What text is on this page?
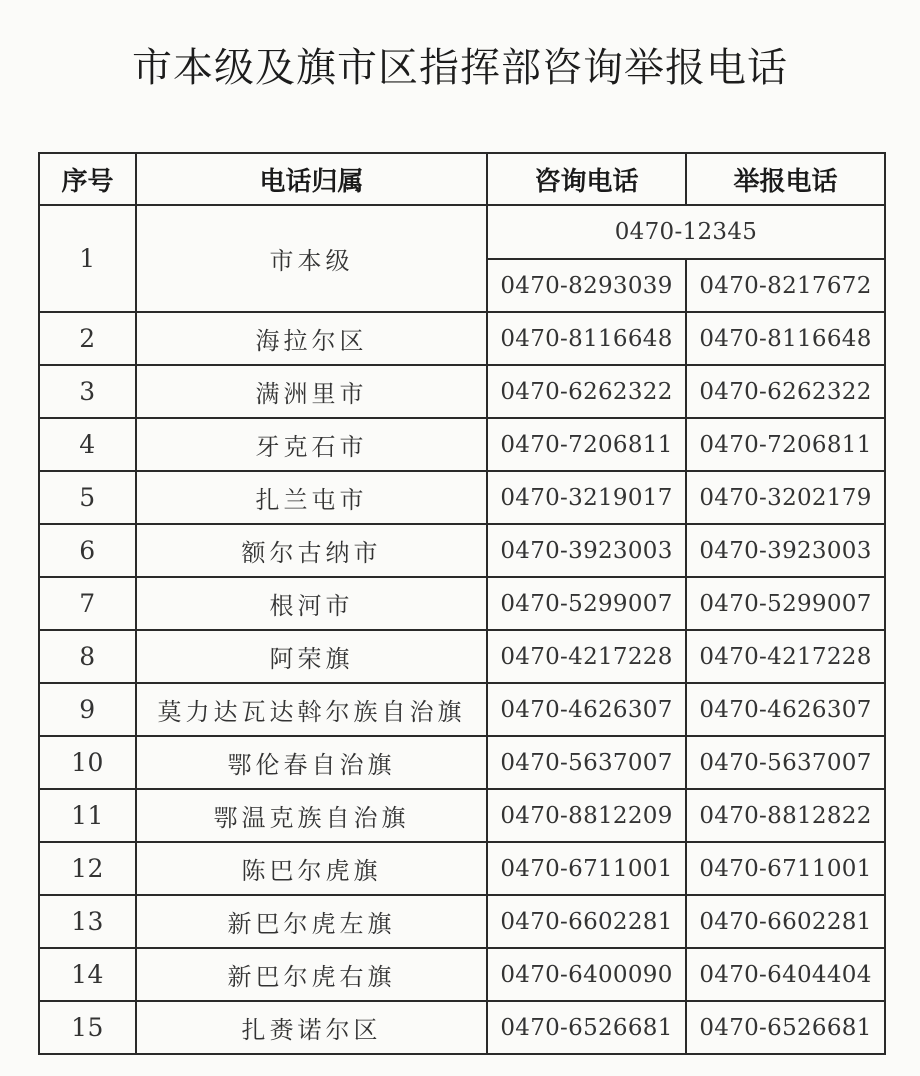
市本级及旗市区指挥部咨询举报电话
序号	电话归属	咨询电话	举报电话
1	市本级	0470-12345	
		0470-8293039	0470-8217672
2	海拉尔区	0470-8116648	0470-8116648
3	满洲里市	0470-6262322	0470-6262322
4	牙克石市	0470-7206811	0470-7206811
5	扎兰屯市	0470-3219017	0470-3202179
6	额尔古纳市	0470-3923003	0470-3923003
7	根河市	0470-5299007	0470-5299007
8	阿荣旗	0470-4217228	0470-4217228
9	莫力达瓦达斡尔族自治旗	0470-4626307	0470-4626307
10	鄂伦春自治旗	0470-5637007	0470-5637007
11	鄂温克族自治旗	0470-8812209	0470-8812822
12	陈巴尔虎旗	0470-6711001	0470-6711001
13	新巴尔虎左旗	0470-6602281	0470-6602281
14	新巴尔虎右旗	0470-6400090	0470-6404404
15	扎赉诺尔区	0470-6526681	0470-6526681
